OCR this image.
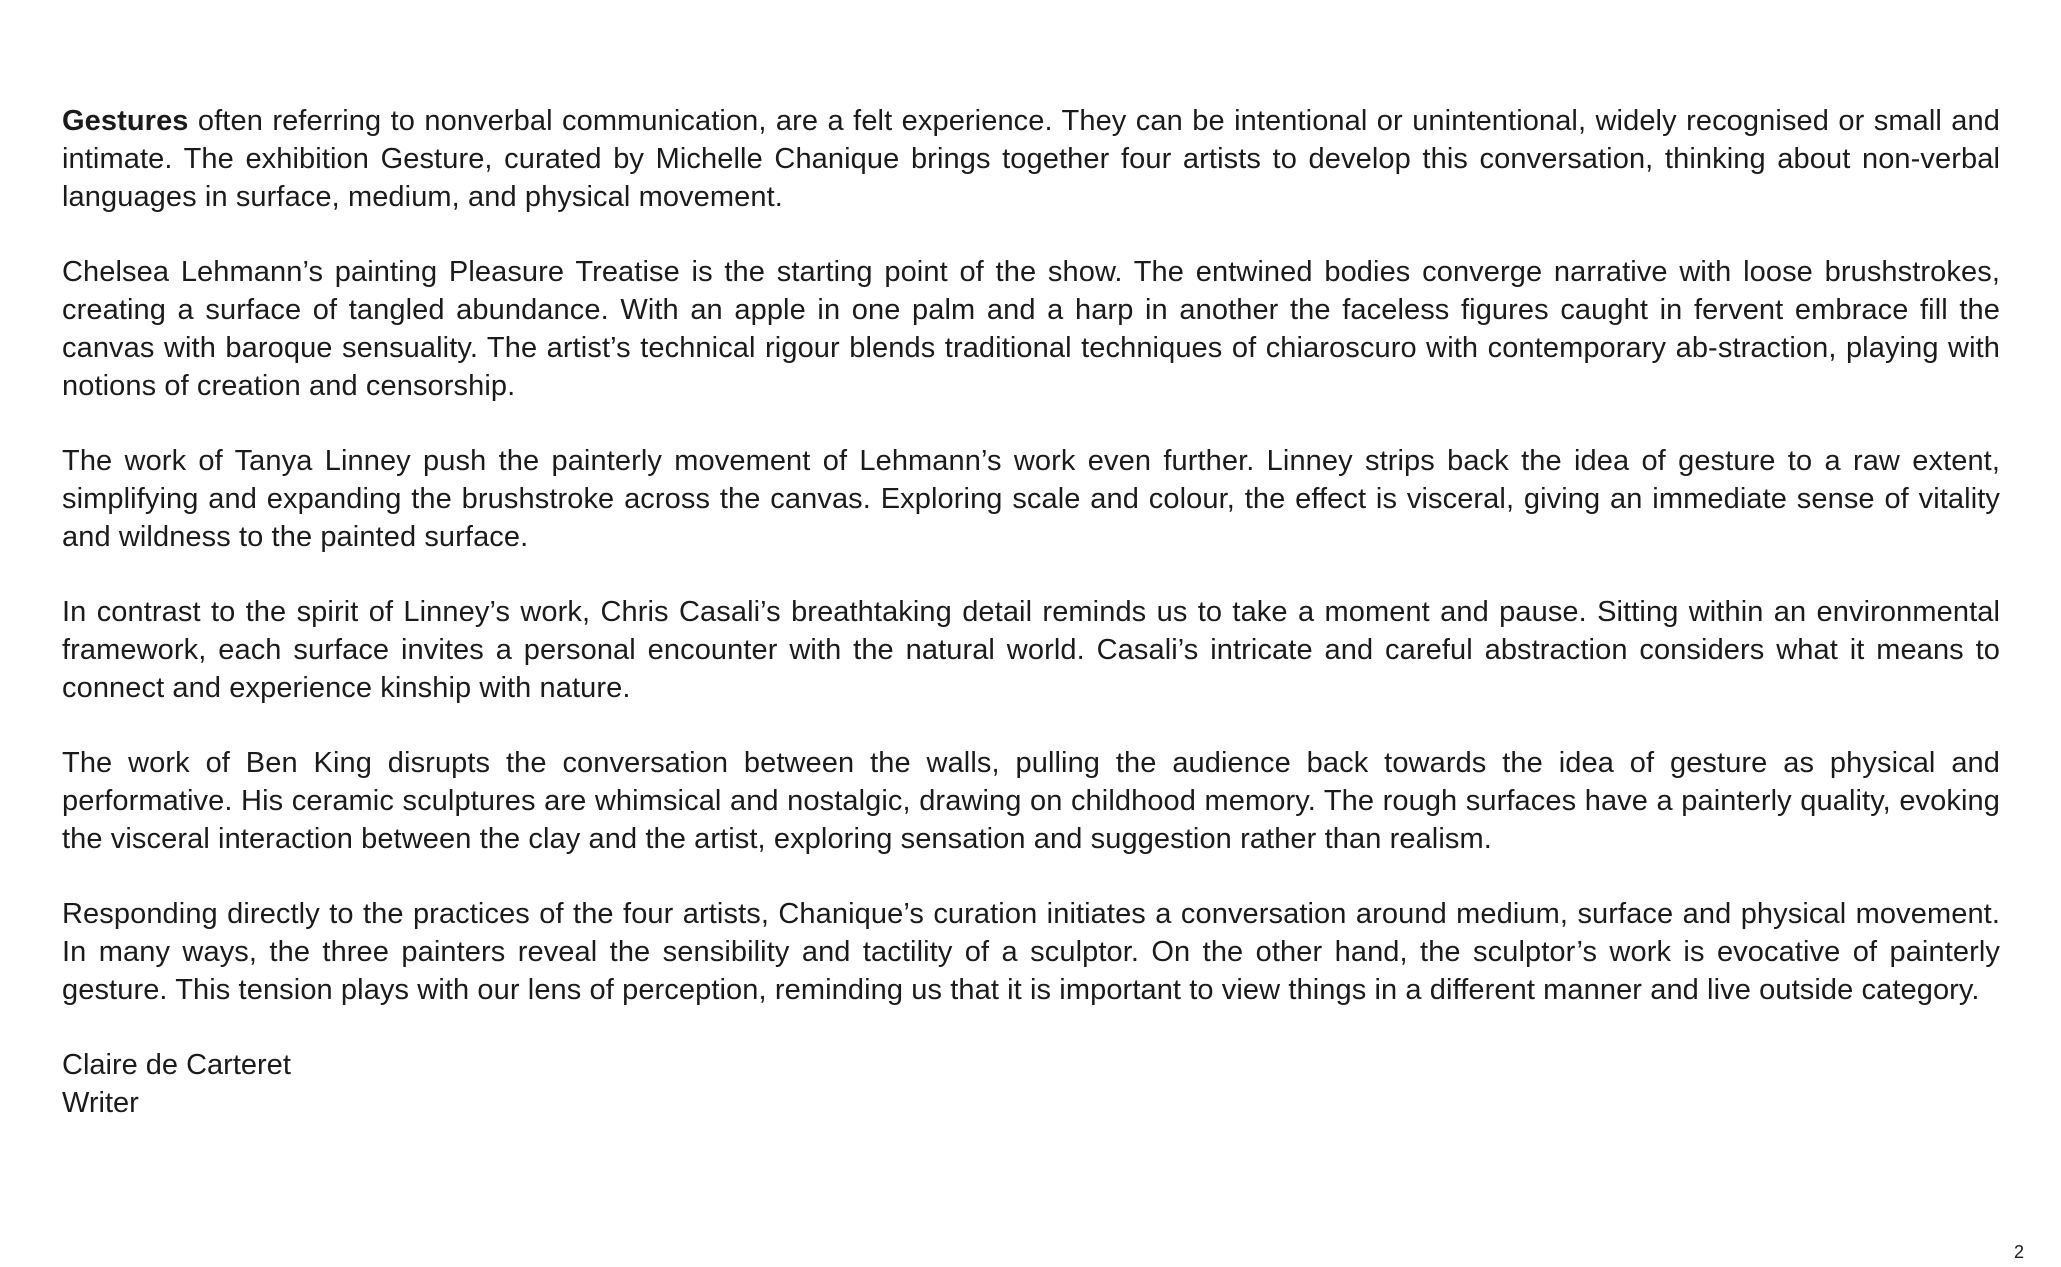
Gestures often referring to nonverbal communication, are a felt experience. They can be intentional or unintentional, widely recognised or small and intimate. The exhibition Gesture, curated by Michelle Chanique brings together four artists to develop this conversation, thinking about non-verbal languages in surface, medium, and physical movement.

Chelsea Lehmann’s painting Pleasure Treatise is the starting point of the show. The entwined bodies converge narrative with loose brushstrokes, creating a surface of tangled abundance. With an apple in one palm and a harp in another the faceless figures caught in fervent embrace fill the canvas with baroque sensuality. The artist’s technical rigour blends traditional techniques of chiaroscuro with contemporary ab-straction, playing with notions of creation and censorship.

The work of Tanya Linney push the painterly movement of Lehmann’s work even further. Linney strips back the idea of gesture to a raw extent, simplifying and expanding the brushstroke across the canvas. Exploring scale and colour, the effect is visceral, giving an immediate sense of vitality and wildness to the painted surface.

In contrast to the spirit of Linney’s work, Chris Casali’s breathtaking detail reminds us to take a moment and pause. Sitting within an environmental framework, each surface invites a personal encounter with the natural world. Casali’s intricate and careful abstraction considers what it means to connect and experience kinship with nature.

The work of Ben King disrupts the conversation between the walls, pulling the audience back towards the idea of gesture as physical and performative. His ceramic sculptures are whimsical and nostalgic, drawing on childhood memory. The rough surfaces have a painterly quality, evoking the visceral interaction between the clay and the artist, exploring sensation and suggestion rather than realism.

Responding directly to the practices of the four artists, Chanique’s curation initiates a conversation around medium, surface and physical movement. In many ways, the three painters reveal the sensibility and tactility of a sculptor. On the other hand, the sculptor’s work is evocative of painterly gesture. This tension plays with our lens of perception, reminding us that it is important to view things in a different manner and live outside category.

Claire de Carteret
Writer
2
